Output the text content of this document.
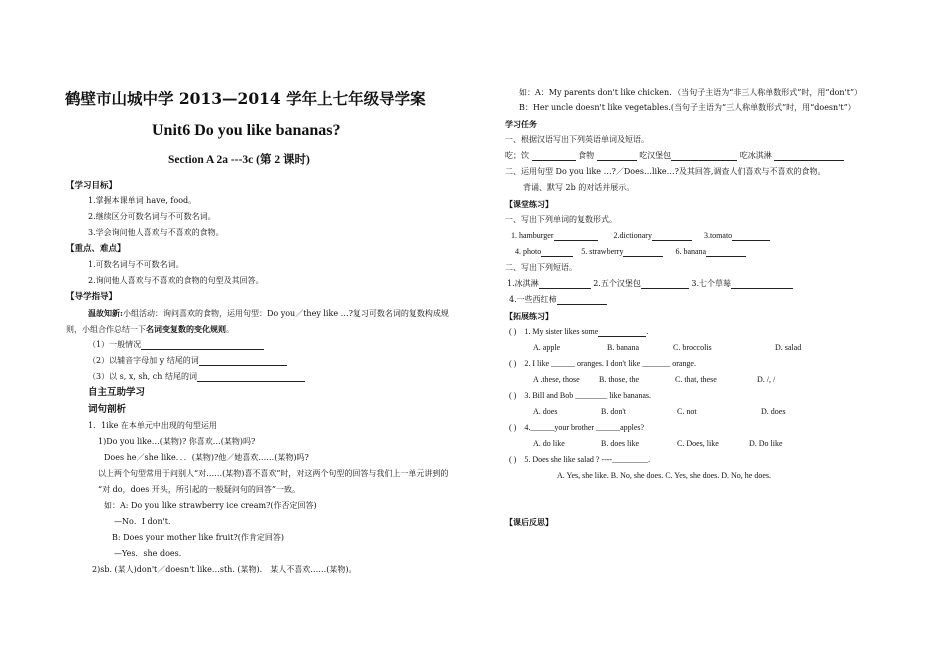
鹤壁市山城中学 2013—2014 学年上七年级导学案
Unit6 Do you like bananas?
Section A 2a ---3c (第 2 课时)
【学习目标】
1.掌握本课单词 have, food。
2.继续区分可数名词与不可数名词。
3.学会询问他人喜欢与不喜欢的食物。
【重点、难点】
1.可数名词与不可数名词。
2.询问他人喜欢与不喜欢的食物的句型及其回答。
【导学指导】
温故知新:小组活动：询问喜欢的食物，运用句型：Do you／they like …?复习可数名词的复数构成规
则，小组合作总结一下名词变复数的变化规则。
（1）一般情况
（2）以辅音字母加 y 结尾的词
（3）以 s, x, sh, ch 结尾的词
自主互助学习
词句剖析
1．1ike 在本单元中出现的句型运用
1)Do you like…(某物)? 你喜欢…(某物)吗?
Does he／she like．．．(某物)?他／她喜欢……(某物)吗?
以上两个句型常用于问别人“对……(某物)喜不喜欢”时，对这两个句型的回答与我们上一单元讲到的
“对 do，does 开头，所引起的一般疑问句的回答”一致。
如：A: Do you like strawberry ice cream?(作否定回答)
—No．I don't．
B: Does your mother like fruit?(作肯定回答)
—Yes．she does．
2)sb. (某人)don't／doesn't like…sth. (某物)． 某人不喜欢……(某物)。
如：A：My parents don't like chicken．（当句子主语为“非三人称单数形式”时，用“don't”）
B：Her uncle doesn't like vegetables.(当句子主语为“三人称单数形式”时，用“doesn't”）
学习任务
一、根据汉语写出下列英语单词及短语。
吃；饮	食物	吃汉堡包	吃冰淇淋
二、运用句型 Do you like …?／Does…like…?及其回答,调查人们喜欢与不喜欢的食物。
背诵、默写 2b 的对话并展示。
【课堂练习】
一、写出下列单词的复数形式。
1. hamburger	2.dictionary	3.tomato
4. photo	5. strawberry	6. banana
二、写出下列短语。
1.冰淇淋	2.五个汉堡包	3.七个草莓
4.一些西红柿
【拓展练习】
( ) 1. My sister likes some	.
A. apple	B. banana	C. broccolis	D. salad
( ) 2. I like ______ oranges. I don't like _______ orange.
A .these, those B. those, the	C. that, these	D. /, /
( ) 3. Bill and Bob ________ like bananas.
A. does	B. don't	C. not	D. does
( ) 4.______your brother ______apples?
A. do like	B. does like	C. Does, like	D. Do like
( ) 5. Does she like salad ? ----_________.
A. Yes, she like. B. No, she does. C. Yes, she does. D. No, he does.
【课后反思】
